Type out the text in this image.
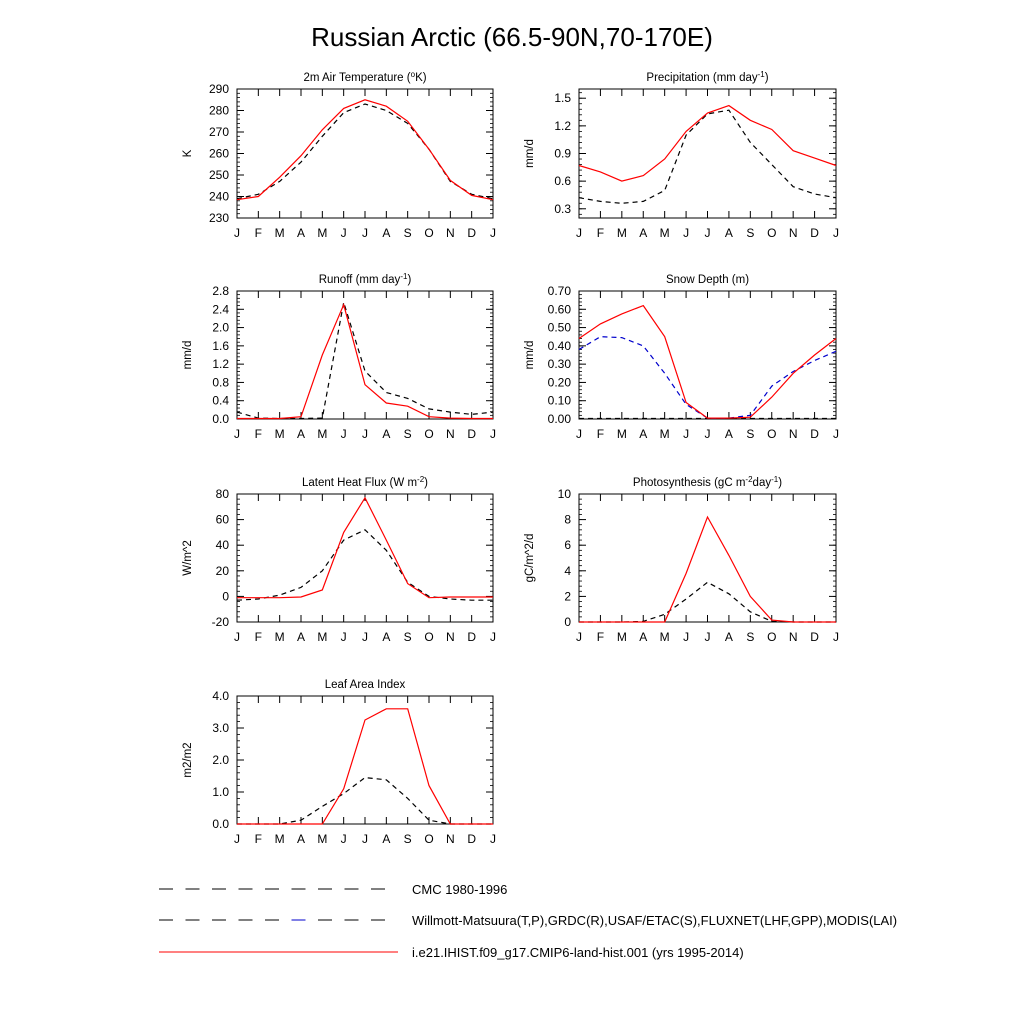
Russian Arctic (66.5-90N,70-170E)
2m Air Temperature ($^o$K)
K
230
240
250
260
270
280
290
J F M A M J J A S O N D J
Precipitation (mm day$^{-1}$)
mm/d
0.3
0.6
0.9
1.2
1.5
J F M A M J J A S O N D J
Runoff (mm day$^{-1}$)
mm/d
0.0
0.4
0.8
1.2
1.6
2.0
2.4
2.8
J F M A M J J A S O N D J
Snow Depth (m)
mm/d
0.00
0.10
0.20
0.30
0.40
0.50
0.60
0.70
J F M A M J J A S O N D J
Latent Heat Flux (W $m^{-2}$)
W/m^2
-20
0
20
40
60
80
J F M A M J J A S O N D J
Photosynthesis (gC $m^{-2}day^{-1}$)
gC/m^2/d
0
2
4
6
8
10
J F M A M J J A S O N D J
Leaf Area Index
m2/m2
0.0
1.0
2.0
3.0
4.0
J F M A M J J A S O N D J
CMC 1980-1996
Willmott-Matsuura(T,P),GRDC(R),USAF/ETAC(S),FLUXNET(LHF,GPP),MODIS(LAI)
i.e21.IHIST.f09_g17.CMIP6-land-hist.001 (yrs 1995-2014)
